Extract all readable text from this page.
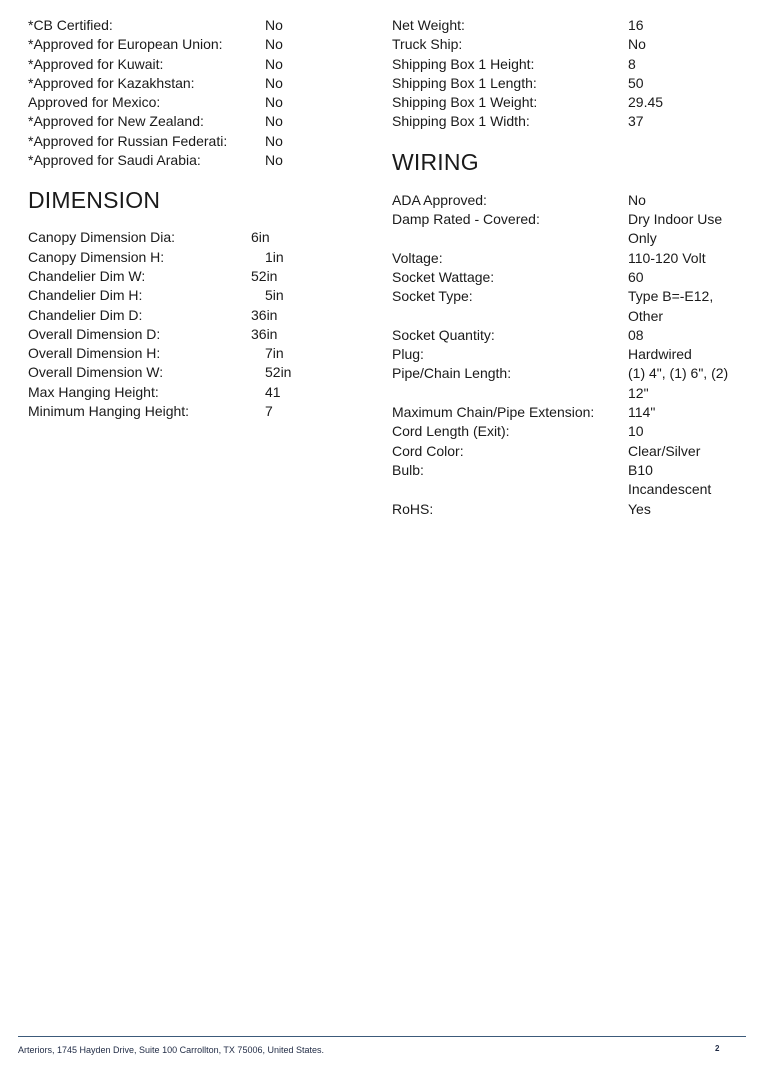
*CB Certified:	No
*Approved for European Union:	No
*Approved for Kuwait:	No
*Approved for Kazakhstan:	No
Approved for Mexico:	No
*Approved for New Zealand:	No
*Approved for Russian Federati:	No
*Approved for Saudi Arabia:	No
DIMENSION
Canopy Dimension Dia:	6in
Canopy Dimension H:	1in
Chandelier Dim W:	52in
Chandelier Dim H:	5in
Chandelier Dim D:	36in
Overall Dimension D:	36in
Overall Dimension H:	7in
Overall Dimension W:	52in
Max Hanging Height:	41
Minimum Hanging Height:	7
Net Weight:	16
Truck Ship:	No
Shipping Box 1 Height:	8
Shipping Box 1 Length:	50
Shipping Box 1 Weight:	29.45
Shipping Box 1 Width:	37
WIRING
ADA Approved:	No
Damp Rated - Covered:	Dry Indoor Use
Only
Voltage:	110-120 Volt
Socket Wattage:	60
Socket Type:	Type B=-E12,
Other
Socket Quantity:	08
Plug:	Hardwired
Pipe/Chain Length:	(1) 4", (1) 6", (2)
12"
Maximum Chain/Pipe Extension:	114"
Cord Length (Exit):	10
Cord Color:	Clear/Silver
Bulb:	B10
Incandescent
RoHS:	Yes
Arteriors, 1745 Hayden Drive, Suite 100 Carrollton, TX 75006, United States.	2
